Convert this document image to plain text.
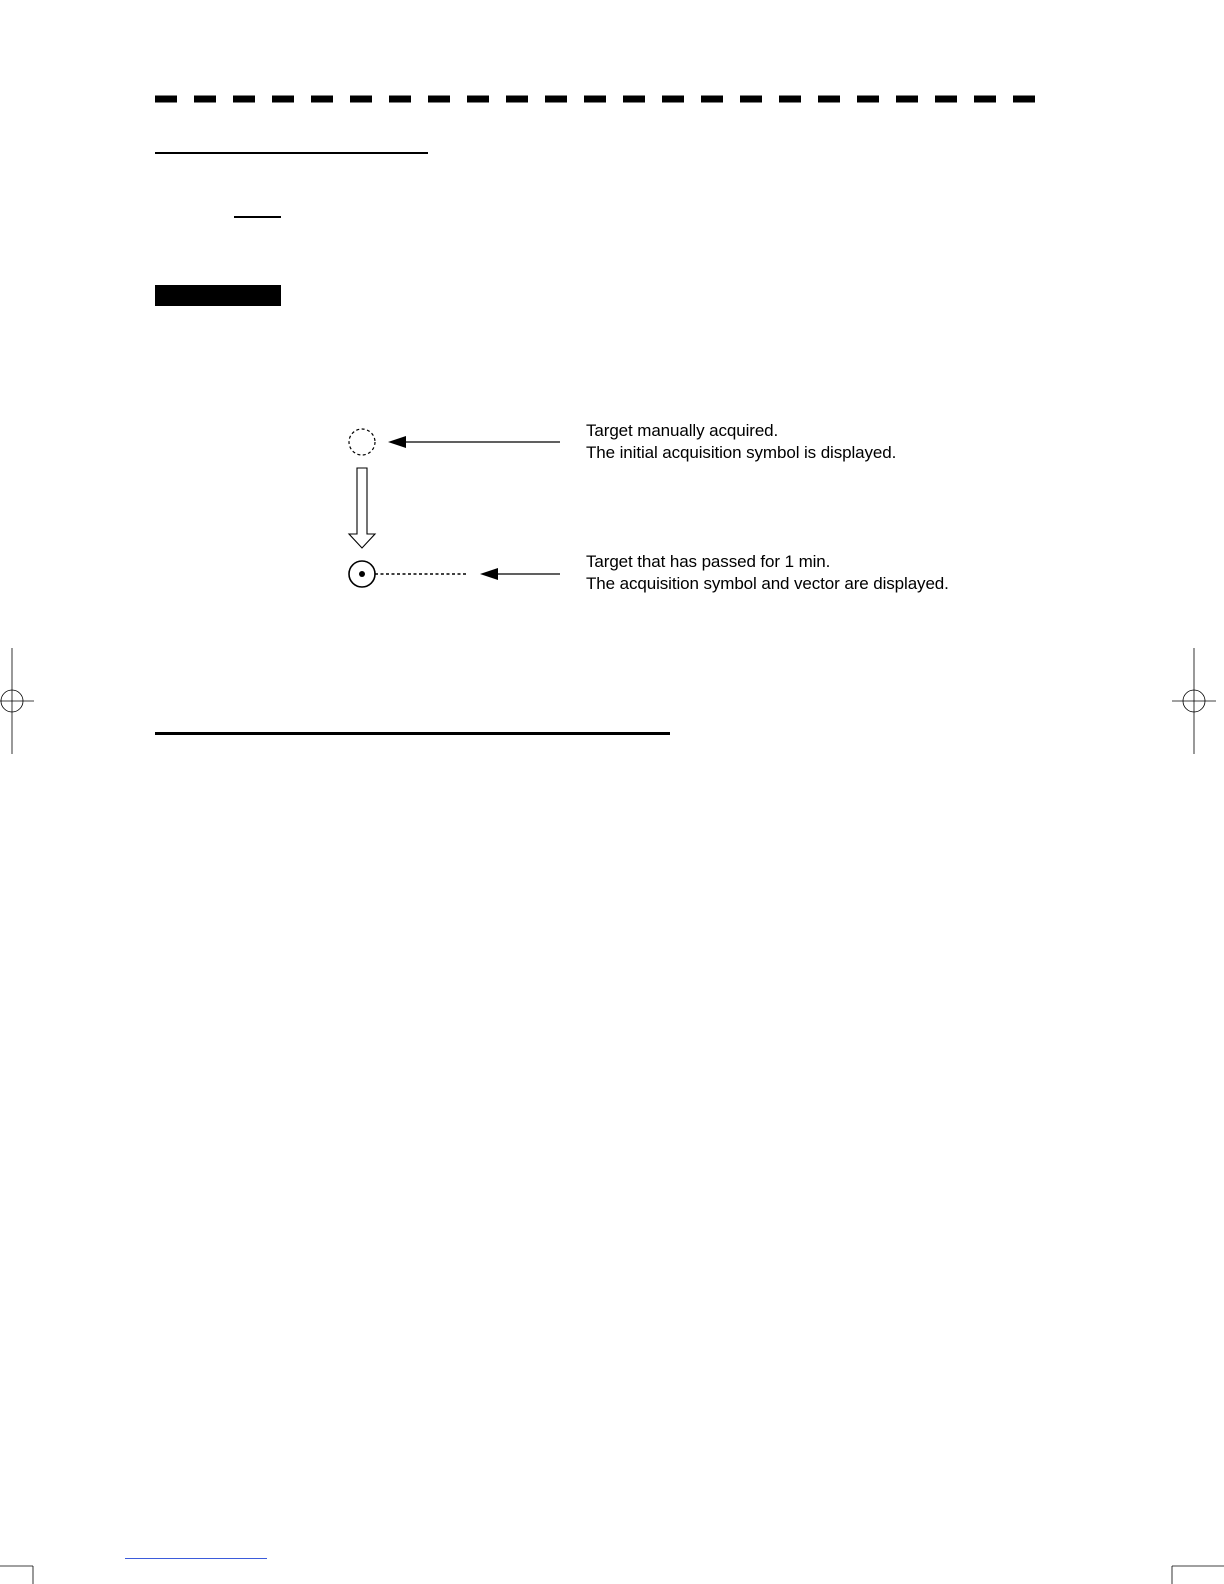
Target manually acquired.
The initial acquisition symbol is displayed.
Target that has passed for 1 min.
The acquisition symbol and vector are displayed.
